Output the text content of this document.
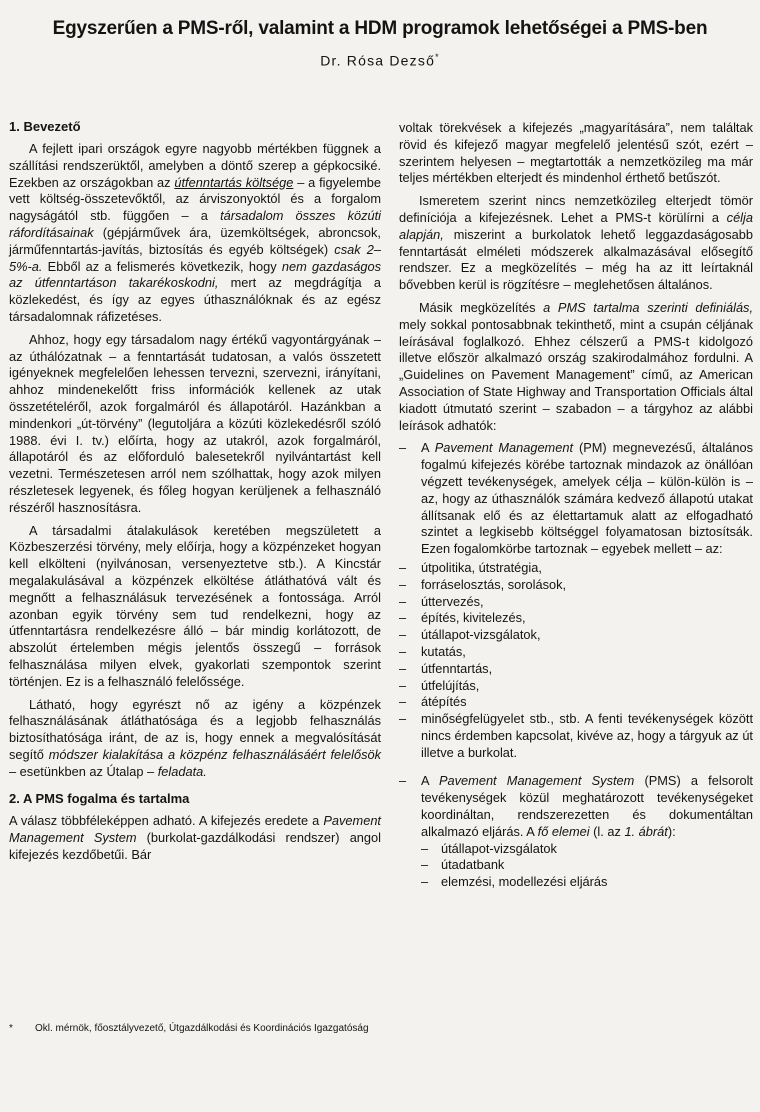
Egyszerűen a PMS-ről, valamint a HDM programok lehetőségei a PMS-ben
Dr. Rósa Dezső*
1. Bevezető

A fejlett ipari országok egyre nagyobb mértékben függnek a szállítási rendszerüktől, amelyben a döntő szerep a gépkocsiké. Ezekben az országokban az útfenntartás költsége – a figyelembe vett költség-összetevőktől, az árviszonyoktól és a forgalom nagyságától stb. függően – a társadalom összes közúti ráfordításainak (gépjárművek ára, üzemköltségek, abroncsok, járműfenntartás-javítás, biztosítás és egyéb költségek) csak 2–5%-a. Ebből az a felismerés következik, hogy nem gazdaságos az útfenntartáson takarékoskodni, mert az megdrágítja a közlekedést, és így az egyes úthasználóknak és az egész társadalomnak ráfizetéses.

Ahhoz, hogy egy társadalom nagy értékű vagyontárgyának – az úthálózatnak – a fenntartását tudatosan, a valós összetett igényeknek megfelelően lehessen tervezni, szervezni, irányítani, ahhoz mindenekelőtt friss információk kellenek az utak összetételéről, azok forgalmáról és állapotáról. Hazánkban a mindenkori „út-törvény” (legutoljára a közúti közlekedésről szóló 1988. évi I. tv.) előírta, hogy az utakról, azok forgalmáról, állapotáról és az előforduló balesetekről nyilvántartást kell vezetni. Természetesen arról nem szólhattak, hogy azok milyen részletesek legyenek, és főleg hogyan kerüljenek a felhasználó részéről hasznosításra.

A társadalmi átalakulások keretében megszületett a Közbeszerzési törvény, mely előírja, hogy a közpénzeket hogyan kell elkölteni (nyilvánosan, versenyeztetve stb.). A Kincstár megalakulásával a közpénzek elköltése átláthatóvá vált és megnőtt a felhasználásuk tervezésének a fontossága. Arról azonban egyik törvény sem tud rendelkezni, hogy az útfenntartásra rendelkezésre álló – bár mindig korlátozott, de abszolút értelemben mégis jelentős összegű – források felhasználása milyen elvek, gyakorlati szempontok szerint történjen. Ez is a felhasználó felelőssége.

Látható, hogy egyrészt nő az igény a közpénzek felhasználásának átláthatósága és a legjobb felhasználás biztosíthatósága iránt, de az is, hogy ennek a megvalósítását segítő módszer kialakítása a közpénz felhasználásáért felelősök – esetünkben az Útalap – feladata.

2. A PMS fogalma és tartalma

A válasz többféleképpen adható. A kifejezés eredete a Pavement Management System (burkolat-gazdálkodási rendszer) angol kifejezés kezdőbetűi. Bár

voltak törekvések a kifejezés „magyarítására”, nem találtak rövid és kifejező magyar megfelelő jelentésű szót, ezért – szerintem helyesen – megtartották a nemzetközileg ma már teljes mértékben elterjedt és mindenhol érthető betűszót.

Ismeretem szerint nincs nemzetközileg elterjedt tömör definíciója a kifejezésnek. Lehet a PMS-t körülírni a célja alapján, miszerint a burkolatok lehető leggazdaságosabb fenntartását elméleti módszerek alkalmazásával elősegítő rendszer. Ez a megközelítés – még ha az itt leírtaknál bővebben kerül is rögzítésre – meglehetősen általános.

Másik megközelítés a PMS tartalma szerinti definiálás, mely sokkal pontosabbnak tekinthető, mint a csupán céljának leírásával foglalkozó. Ehhez célszerű a PMS-t kidolgozó illetve először alkalmazó ország szakirodalmához fordulni. A „Guidelines on Pavement Management” című, az American Association of State Highway and Transportation Officials által kiadott útmutató szerint – szabadon – a tárgyhoz az alábbi leírások adhatók:

– A Pavement Management (PM) megnevezésű, általános fogalmú kifejezés körébe tartoznak mindazok az önállóan végzett tevékenységek, amelyek célja – külön-külön is – az, hogy az úthasználók számára kedvező állapotú utakat állítsanak elő és az élettartamuk alatt az elfogadható szintet a legkisebb költséggel folyamatosan biztosítsák. Ezen fogalomkörbe tartoznak – egyebek mellett – az:
– útpolitika, útstratégia,
– forráselosztás, sorolások,
– úttervezés,
– építés, kivitelezés,
– útállapot-vizsgálatok,
– kutatás,
– útfenntartás,
– útfelújítás,
– átépítés
– minőségfelügyelet stb., stb. A fenti tevékenységek között nincs érdemben kapcsolat, kivéve az, hogy a tárgyuk az út illetve a burkolat.
– A Pavement Management System (PMS) a felsorolt tevékenységek közül meghatározott tevékenységeket koordináltan, rendszerezetten és dokumentáltan alkalmazó eljárás. A fő elemei (l. az 1. ábrát):
– útállapot-vizsgálatok
– útadatbank
– elemzési, modellezési eljárás
* Okl. mérnök, főosztályvezető, Útgazdálkodási és Koordinációs Igazgatóság
